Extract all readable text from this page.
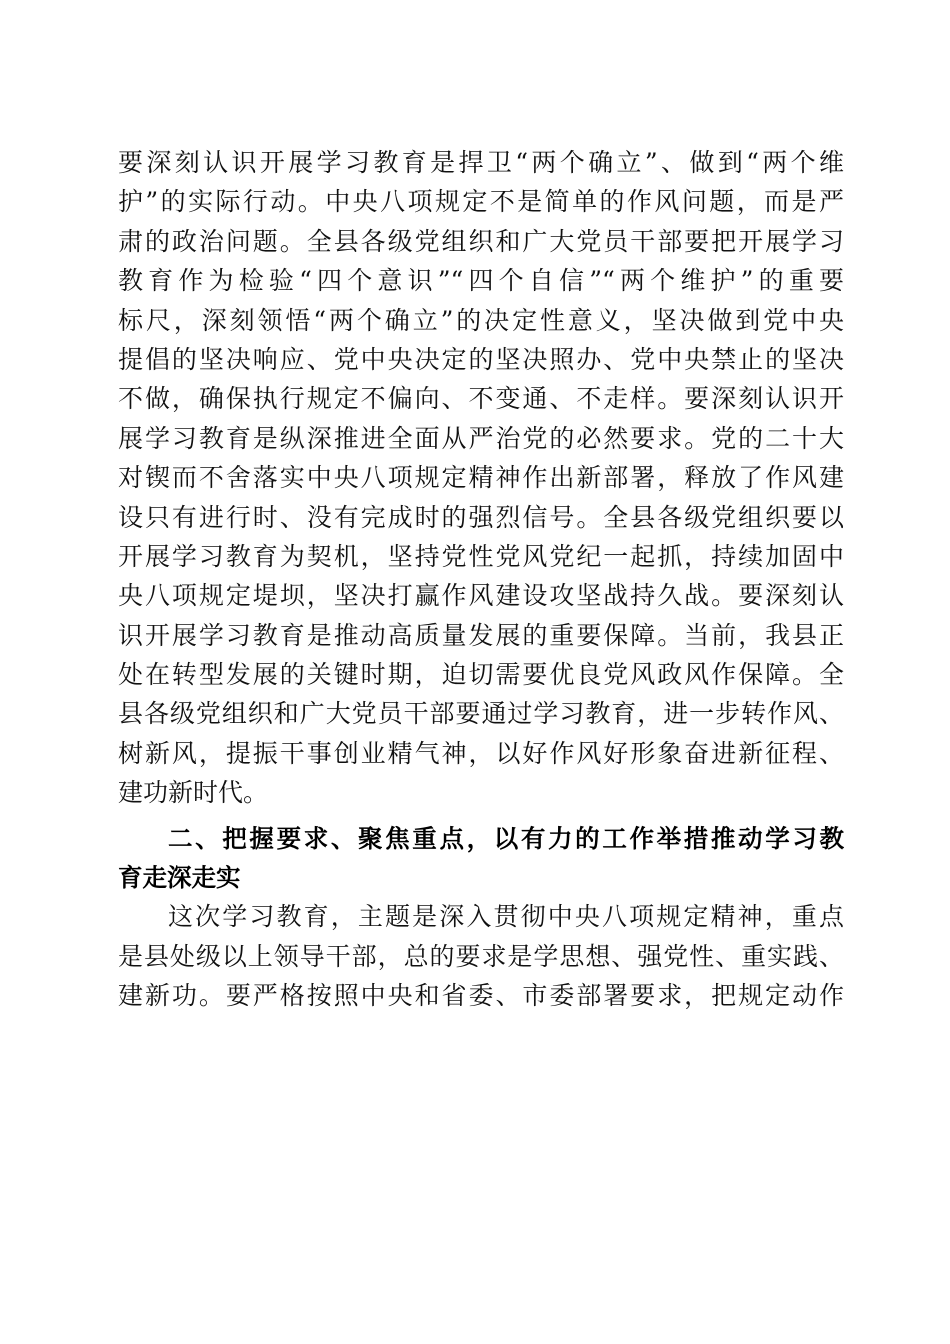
要深刻认识开展学习教育是捍卫“两个确立”、做到“两个维
护”的实际行动。中央八项规定不是简单的作风问题，而是严
肃的政治问题。全县各级党组织和广大党员干部要把开展学习
教育作为检验“四个意识”“四个自信”“两个维护”的重要
标尺，深刻领悟“两个确立”的决定性意义，坚决做到党中央
提倡的坚决响应、党中央决定的坚决照办、党中央禁止的坚决
不做，确保执行规定不偏向、不变通、不走样。要深刻认识开
展学习教育是纵深推进全面从严治党的必然要求。党的二十大
对锲而不舍落实中央八项规定精神作出新部署，释放了作风建
设只有进行时、没有完成时的强烈信号。全县各级党组织要以
开展学习教育为契机，坚持党性党风党纪一起抓，持续加固中
央八项规定堤坝，坚决打赢作风建设攻坚战持久战。要深刻认
识开展学习教育是推动高质量发展的重要保障。当前，我县正
处在转型发展的关键时期，迫切需要优良党风政风作保障。全
县各级党组织和广大党员干部要通过学习教育，进一步转作风、
树新风，提振干事创业精气神，以好作风好形象奋进新征程、
建功新时代。
二、把握要求、聚焦重点，以有力的工作举措推动学习教
育走深走实
这次学习教育，主题是深入贯彻中央八项规定精神，重点
是县处级以上领导干部，总的要求是学思想、强党性、重实践、
建新功。要严格按照中央和省委、市委部署要求，把规定动作
